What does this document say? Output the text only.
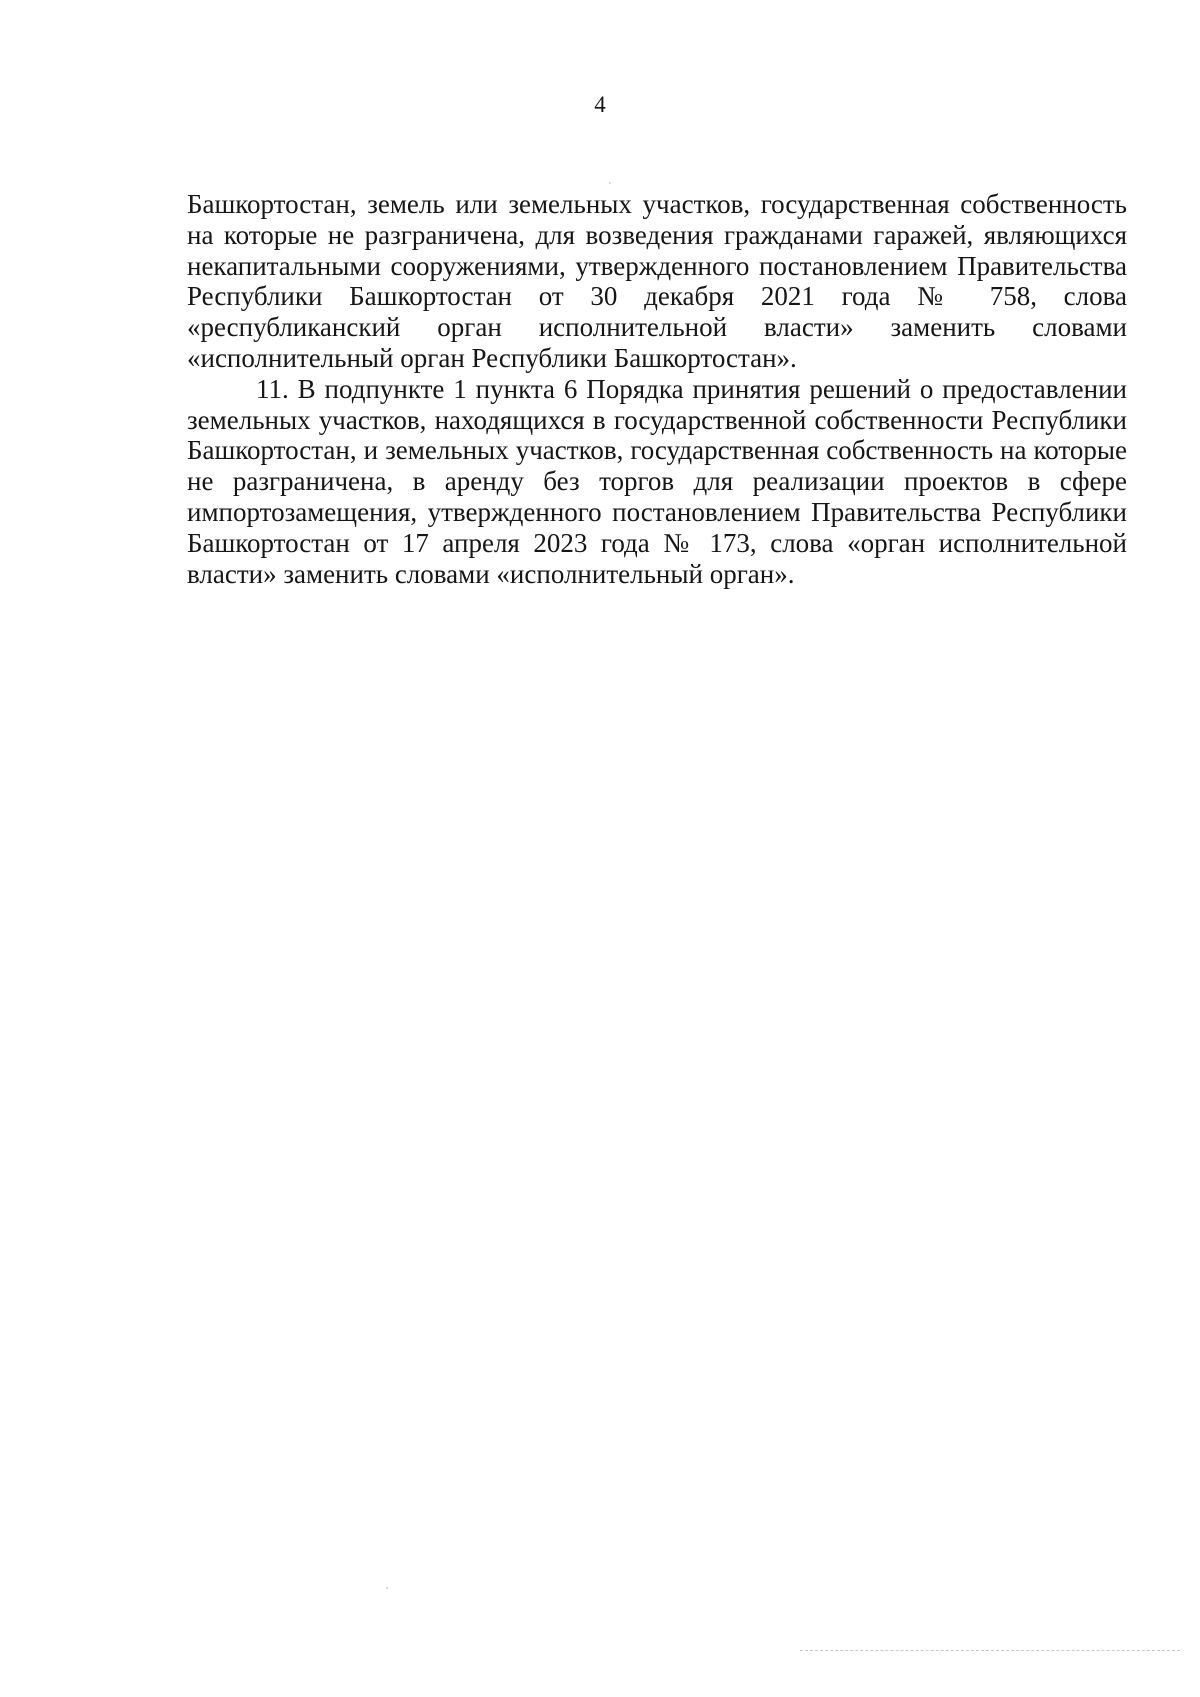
4

Башкортостан, земель или земельных участков, государственная собственность на которые не разграничена, для возведения гражданами гаражей, являющихся некапитальными сооружениями, утвержденного постановлением Правительства Республики Башкортостан от 30 декабря 2021 года № 758, слова «республиканский орган исполнительной власти» заменить словами «исполнительный орган Республики Башкортостан».

11. В подпункте 1 пункта 6 Порядка принятия решений о предоставлении земельных участков, находящихся в государственной собственности Республики Башкортостан, и земельных участков, государственная собственность на которые не разграничена, в аренду без торгов для реализации проектов в сфере импортозамещения, утвержденного постановлением Правительства Республики Башкортостан от 17 апреля 2023 года № 173, слова «орган исполнительной власти» заменить словами «исполнительный орган».
